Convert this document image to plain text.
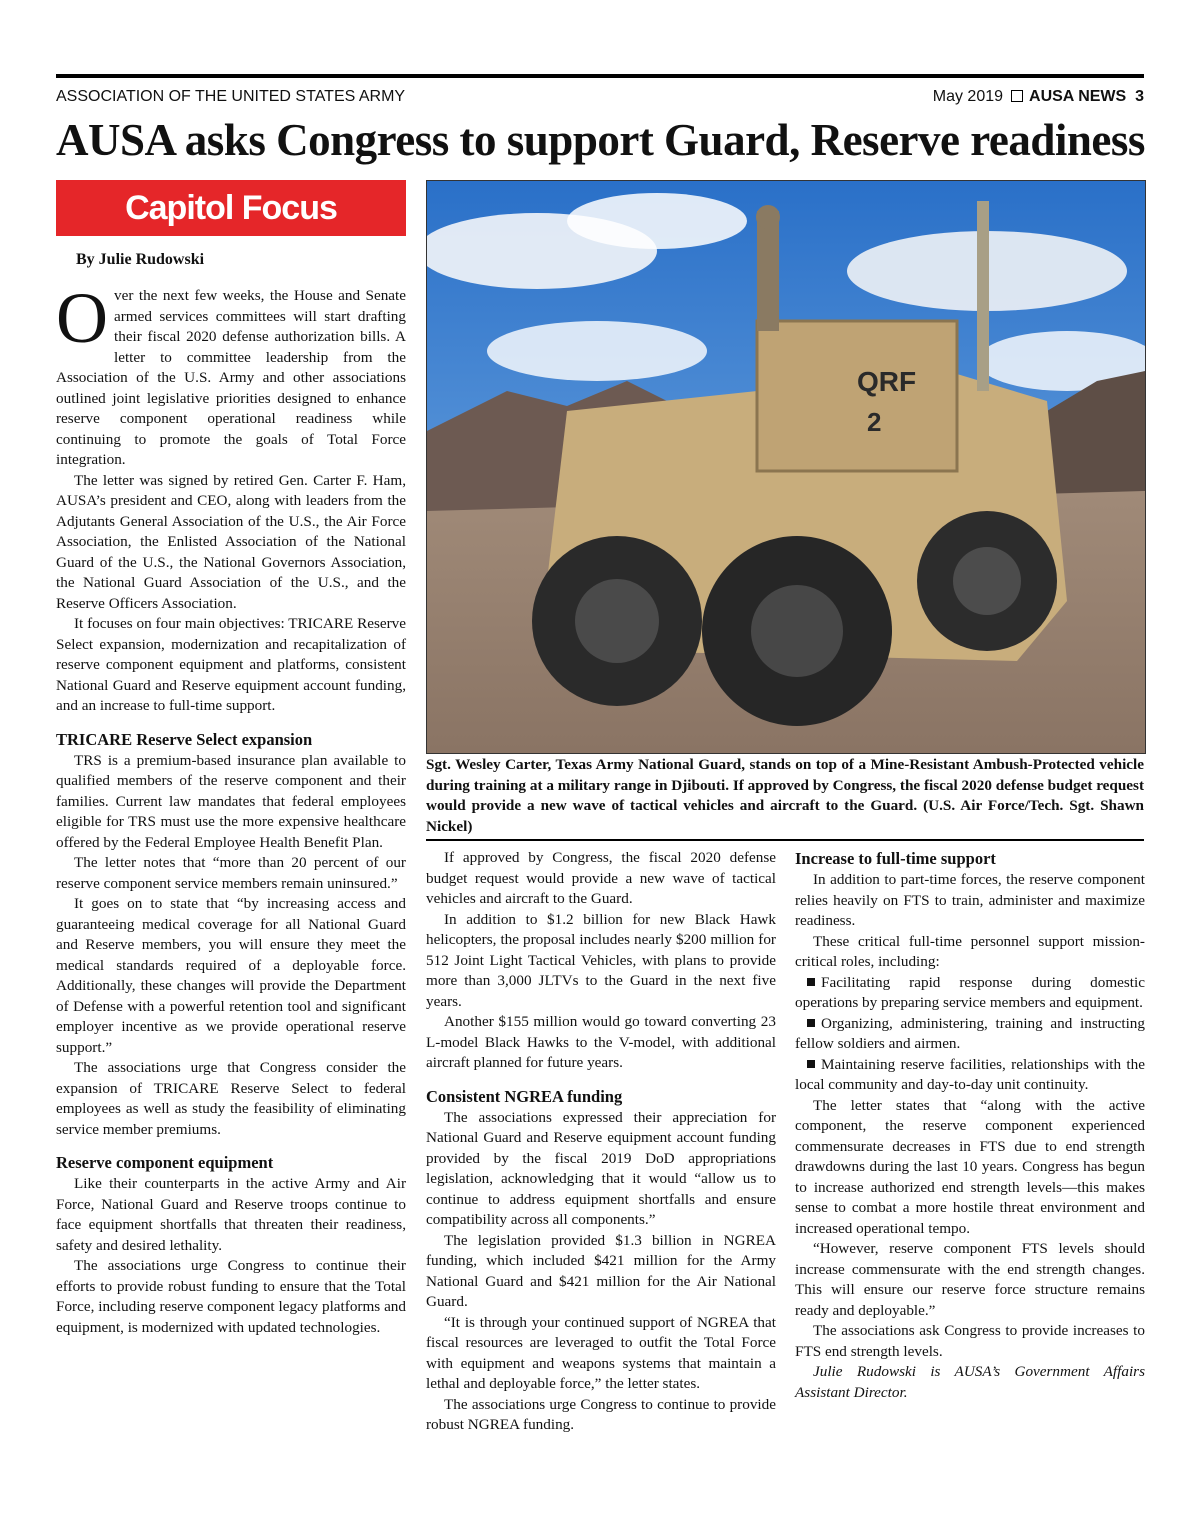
ASSOCIATION OF THE UNITED STATES ARMY	May 2019 AUSA NEWS 3
AUSA asks Congress to support Guard, Reserve readiness
Capitol Focus
By Julie Rudowski

Over the next few weeks, the House and Senate armed services committees will start drafting their fiscal 2020 defense authorization bills. A letter to committee leadership from the Association of the U.S. Army and other associations outlined joint legislative priorities designed to enhance reserve component operational readiness while continuing to promote the goals of Total Force integration.

The letter was signed by retired Gen. Carter F. Ham, AUSA’s president and CEO, along with leaders from the Adjutants General Association of the U.S., the Air Force Association, the Enlisted Association of the National Guard of the U.S., the National Governors Association, the National Guard Association of the U.S., and the Reserve Officers Association.

It focuses on four main objectives: TRICARE Reserve Select expansion, modernization and recapitalization of reserve component equipment and platforms, consistent National Guard and Reserve equipment account funding, and an increase to full-time support.

TRICARE Reserve Select expansion

TRS is a premium-based insurance plan available to qualified members of the reserve component and their families. Current law mandates that federal employees eligible for TRS must use the more expensive healthcare offered by the Federal Employee Health Benefit Plan.

The letter notes that “more than 20 percent of our reserve component service members remain uninsured.”

It goes on to state that “by increasing access and guaranteeing medical coverage for all National Guard and Reserve members, you will ensure they meet the medical standards required of a deployable force. Additionally, these changes will provide the Department of Defense with a powerful retention tool and significant employer incentive as we provide operational reserve support.”

The associations urge that Congress consider the expansion of TRICARE Reserve Select to federal employees as well as study the feasibility of eliminating service member premiums.

Reserve component equipment

Like their counterparts in the active Army and Air Force, National Guard and Reserve troops continue to face equipment shortfalls that threaten their readiness, safety and desired lethality.

The associations urge Congress to continue their efforts to provide robust funding to ensure that the Total Force, including reserve component legacy platforms and equipment, is modernized with updated technologies.

QRF
2
Sgt. Wesley Carter, Texas Army National Guard, stands on top of a Mine-Resistant Ambush-Protected vehicle during training at a military range in Djibouti. If approved by Congress, the fiscal 2020 defense budget request would provide a new wave of tactical vehicles and aircraft to the Guard. (U.S. Air Force/Tech. Sgt. Shawn Nickel)

If approved by Congress, the fiscal 2020 defense budget request would provide a new wave of tactical vehicles and aircraft to the Guard.

In addition to $1.2 billion for new Black Hawk helicopters, the proposal includes nearly $200 million for 512 Joint Light Tactical Vehicles, with plans to provide more than 3,000 JLTVs to the Guard in the next five years.

Another $155 million would go toward converting 23 L-model Black Hawks to the V-model, with additional aircraft planned for future years.

Consistent NGREA funding

The associations expressed their appreciation for National Guard and Reserve equipment account funding provided by the fiscal 2019 DoD appropriations legislation, acknowledging that it would “allow us to continue to address equipment shortfalls and ensure compatibility across all components.”

The legislation provided $1.3 billion in NGREA funding, which included $421 million for the Army National Guard and $421 million for the Air National Guard.

“It is through your continued support of NGREA that fiscal resources are leveraged to outfit the Total Force with equipment and weapons systems that maintain a lethal and deployable force,” the letter states.

The associations urge Congress to continue to provide robust NGREA funding.

Increase to full-time support

In addition to part-time forces, the reserve component relies heavily on FTS to train, administer and maximize readiness.

These critical full-time personnel support mission-critical roles, including:

Facilitating rapid response during domestic operations by preparing service members and equipment.

Organizing, administering, training and instructing fellow soldiers and airmen.

Maintaining reserve facilities, relationships with the local community and day-to-day unit continuity.

The letter states that “along with the active component, the reserve component experienced commensurate decreases in FTS due to end strength drawdowns during the last 10 years. Congress has begun to increase authorized end strength levels—this makes sense to combat a more hostile threat environment and increased operational tempo.

“However, reserve component FTS levels should increase commensurate with the end strength changes. This will ensure our reserve force structure remains ready and deployable.”

The associations ask Congress to provide increases to FTS end strength levels.

Julie Rudowski is AUSA’s Government Affairs Assistant Director.
